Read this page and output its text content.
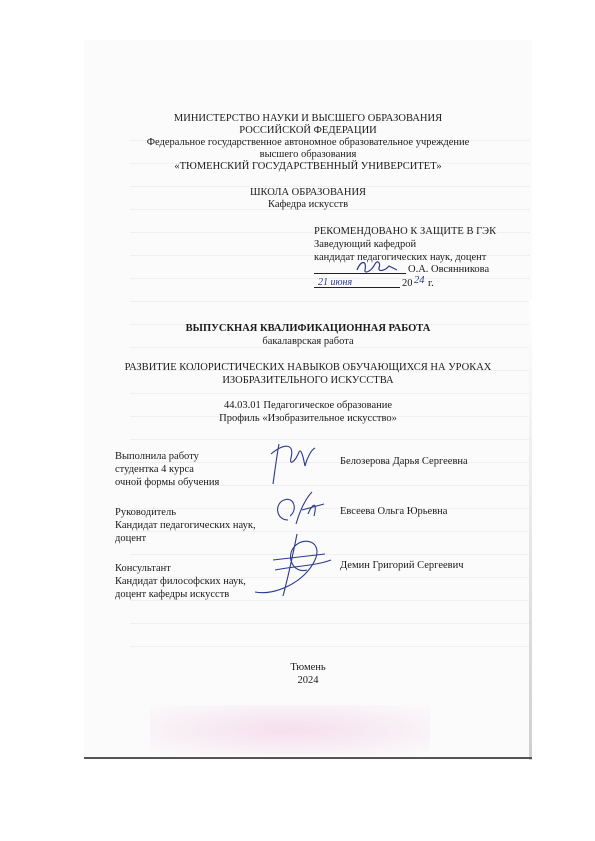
МИНИСТЕРСТВО НАУКИ И ВЫСШЕГО ОБРАЗОВАНИЯ
РОССИЙСКОЙ ФЕДЕРАЦИИ
Федеральное государственное автономное образовательное учреждение
высшего образования
«ТЮМЕНСКИЙ ГОСУДАРСТВЕННЫЙ УНИВЕРСИТЕТ»
ШКОЛА ОБРАЗОВАНИЯ
Кафедра искусств
РЕКОМЕНДОВАНО К ЗАЩИТЕ В ГЭК
Заведующий кафедрой
кандидат педагогических наук, доцент
О.А. Овсянникова
21 июня	20 24 г.
ВЫПУСКНАЯ КВАЛИФИКАЦИОННАЯ РАБОТА
бакалаврская работа
РАЗВИТИЕ КОЛОРИСТИЧЕСКИХ НАВЫКОВ ОБУЧАЮЩИХСЯ НА УРОКАХ
ИЗОБРАЗИТЕЛЬНОГО ИСКУССТВА
44.03.01 Педагогическое образование
Профиль «Изобразительное искусство»
Выполнила работу
студентка 4 курса
очной формы обучения
Белозерова Дарья Сергеевна
Руководитель
Кандидат педагогических наук,
доцент
Евсеева Ольга Юрьевна
Консультант
Кандидат философских наук,
доцент кафедры искусств
Демин Григорий Сергеевич
Тюмень
2024
